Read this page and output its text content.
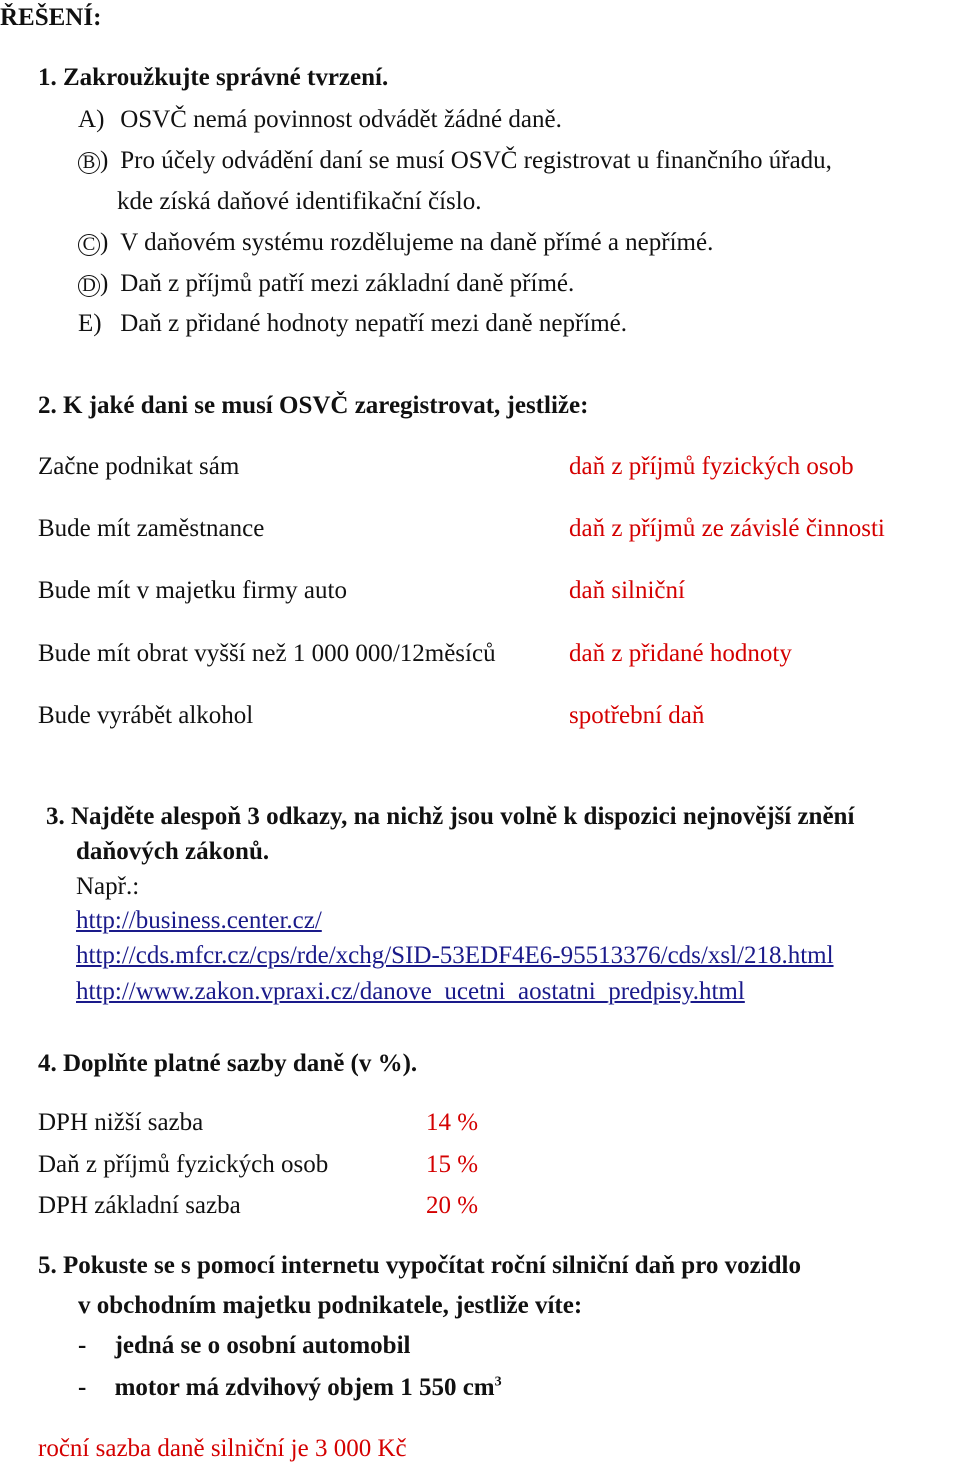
ŘEŠENÍ:
1. Zakroužkujte správné tvrzení.
A) OSVČ nemá povinnost odvádět žádné daně.
B ) Pro účely odvádění daní se musí OSVČ registrovat u finančního úřadu,
kde získá daňové identifikační číslo.
C ) V daňovém systému rozdělujeme na daně přímé a nepřímé.
D ) Daň z příjmů patří mezi základní daně přímé.
E) Daň z přidané hodnoty nepatří mezi daně nepřímé.
2. K jaké dani se musí OSVČ zaregistrovat, jestliže:
Začne podnikat sám	daň z příjmů fyzických osob
Bude mít zaměstnance	daň z příjmů ze závislé činnosti
Bude mít v majetku firmy auto	daň silniční
Bude mít obrat vyšší než 1 000 000/12měsíců	daň z přidané hodnoty
Bude vyrábět alkohol	spotřební daň
3. Najděte alespoň 3 odkazy, na nichž jsou volně k dispozici nejnovější znění
daňových zákonů.
Např.:
http://business.center.cz/
http://cds.mfcr.cz/cps/rde/xchg/SID-53EDF4E6-95513376/cds/xsl/218.html
http://www.zakon.vpraxi.cz/danove_ucetni_aostatni_predpisy.html
4. Doplňte platné sazby daně (v %).
DPH nižší sazba	14 %
Daň z příjmů fyzických osob	15 %
DPH základní sazba	20 %
5. Pokuste se s pomocí internetu vypočítat roční silniční daň pro vozidlo
v obchodním majetku podnikatele, jestliže víte:
- jedná se o osobní automobil
- motor má zdvihový objem 1 550 $cm^3$
roční sazba daně silniční je 3 000 Kč
